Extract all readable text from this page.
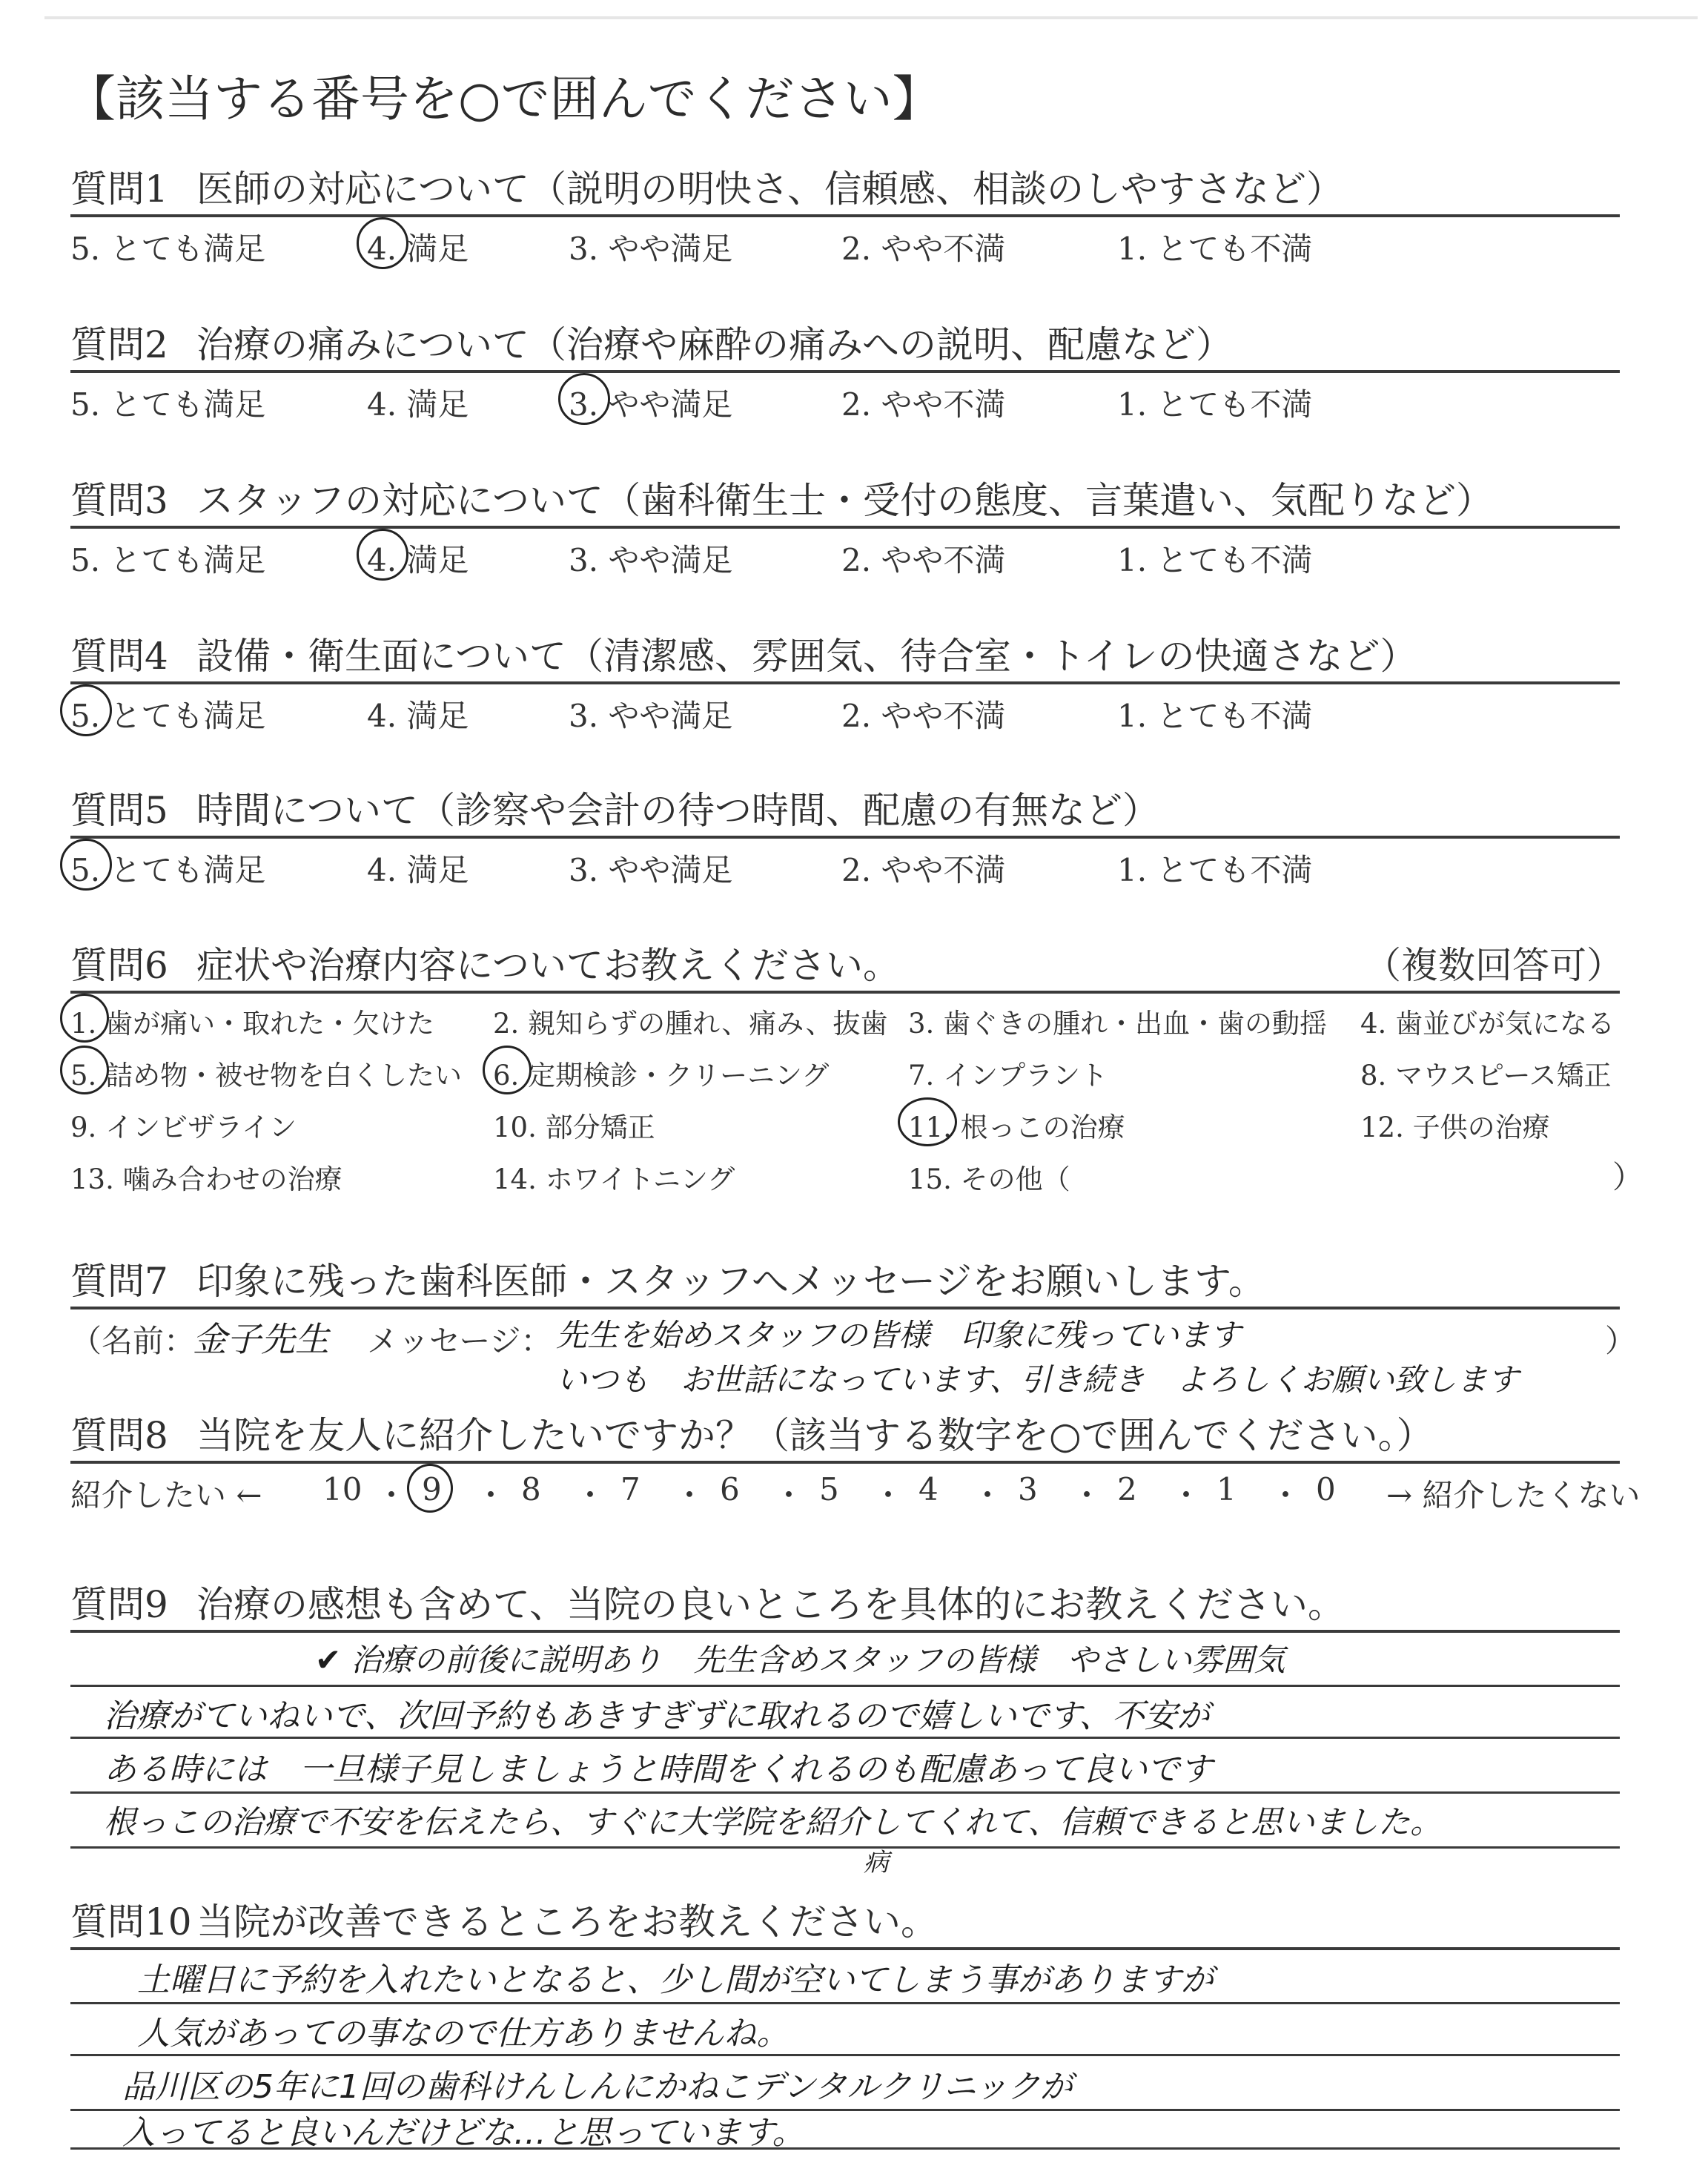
【該当する番号を○で囲んでください】
質問1 医師の対応について（説明の明快さ、信頼感、相談のしやすさなど）
5. とても満足	4. 満足	3. やや満足	2. やや不満	1. とても不満
質問2 治療の痛みについて（治療や麻酔の痛みへの説明、配慮など）
5. とても満足	4. 満足	3. やや満足	2. やや不満	1. とても不満
質問3 スタッフの対応について（歯科衛生士・受付の態度、言葉遣い、気配りなど）
5. とても満足	4. 満足	3. やや満足	2. やや不満	1. とても不満
質問4 設備・衛生面について（清潔感、雰囲気、待合室・トイレの快適さなど）
5. とても満足	4. 満足	3. やや満足	2. やや不満	1. とても不満
質問5 時間について（診察や会計の待つ時間、配慮の有無など）
5. とても満足	4. 満足	3. やや満足	2. やや不満	1. とても不満
質問6 症状や治療内容についてお教えください。	（複数回答可）
1. 歯が痛い・取れた・欠けた 2. 親知らずの腫れ、痛み、抜歯 3. 歯ぐきの腫れ・出血・歯の動揺 4. 歯並びが気になる
5. 詰め物・被せ物を白くしたい 6. 定期検診・クリーニング	7. インプラント	8. マウスピース矯正
9. インビザライン	10. 部分矯正	11. 根っこの治療	12. 子供の治療
13. 噛み合わせの治療	14. ホワイトニング	15. その他（	）
質問7 印象に残った歯科医師・スタッフへメッセージをお願いします。
（名前：
金子先生 メッセージ： 先生を始めスタッフの皆様　印象に残っています	）
いつも　お世話になっています、引き続き　よろしくお願い致します
質問8 当院を友人に紹介したいですか？（該当する数字を○で囲んでください。）
紹介したい ←	→ 紹介したくない
10 ・ 9 ・ 8 ・ 7 ・ 6 ・ 5 ・ 4 ・ 3 ・ 2 ・ 1 ・ 0
質問9 治療の感想も含めて、当院の良いところを具体的にお教えください。
✔ 治療の前後に説明あり　先生含めスタッフの皆様　やさしい雰囲気
治療がていねいで、次回予約もあきすぎずに取れるので嬉しいです、不安が
ある時には　一旦様子見しましょうと時間をくれるのも配慮あって良いです
根っこの治療で不安を伝えたら、すぐに大学院を紹介してくれて、信頼できると思いました。
病
質問10 当院が改善できるところをお教えください。
土曜日に予約を入れたいとなると、少し間が空いてしまう事がありますが
人気があっての事なので仕方ありませんね。
品川区の5年に1回の歯科けんしんにかねこデンタルクリニックが
入ってると良いんだけどな…と思っています。
